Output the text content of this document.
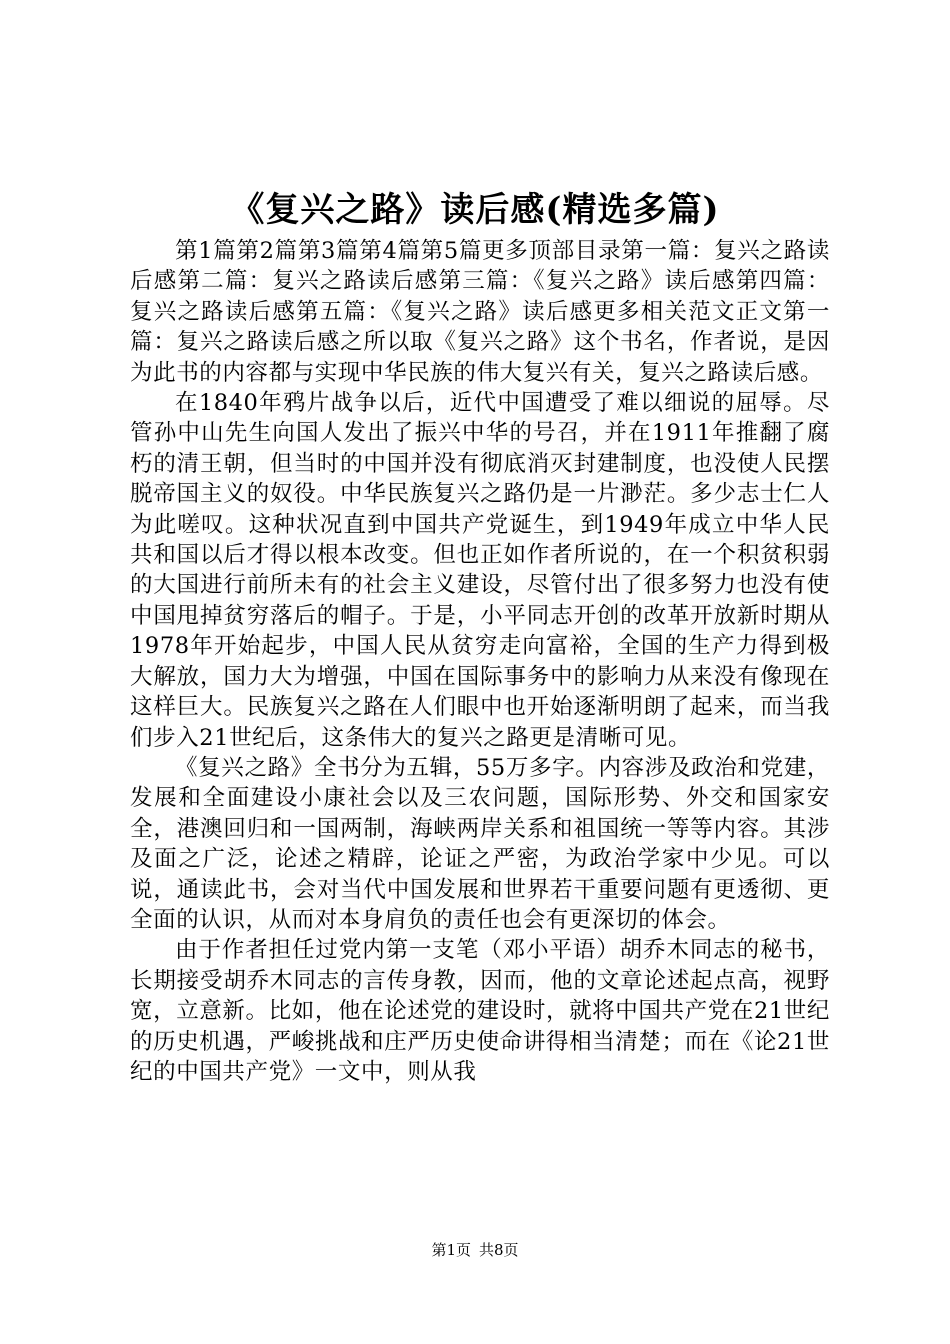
《复兴之路》读后感(精选多篇)

第1篇第2篇第3篇第4篇第5篇更多顶部目录第一篇：复兴之路读后感第二篇：复兴之路读后感第三篇：《复兴之路》读后感第四篇：复兴之路读后感第五篇：《复兴之路》读后感更多相关范文正文第一篇：复兴之路读后感之所以取《复兴之路》这个书名，作者说，是因为此书的内容都与实现中华民族的伟大复兴有关，复兴之路读后感。

在1840年鸦片战争以后，近代中国遭受了难以细说的屈辱。尽管孙中山先生向国人发出了振兴中华的号召，并在1911年推翻了腐朽的清王朝，但当时的中国并没有彻底消灭封建制度，也没使人民摆脱帝国主义的奴役。中华民族复兴之路仍是一片渺茫。多少志士仁人为此嗟叹。这种状况直到中国共产党诞生，到1949年成立中华人民共和国以后才得以根本改变。但也正如作者所说的，在一个积贫积弱的大国进行前所未有的社会主义建设，尽管付出了很多努力也没有使中国甩掉贫穷落后的帽子。于是，小平同志开创的改革开放新时期从1978年开始起步，中国人民从贫穷走向富裕，全国的生产力得到极大解放，国力大为增强，中国在国际事务中的影响力从来没有像现在这样巨大。民族复兴之路在人们眼中也开始逐渐明朗了起来，而当我们步入21世纪后，这条伟大的复兴之路更是清晰可见。

《复兴之路》全书分为五辑，55万多字。内容涉及政治和党建，发展和全面建设小康社会以及三农问题，国际形势、外交和国家安全，港澳回归和一国两制，海峡两岸关系和祖国统一等等内容。其涉及面之广泛，论述之精辟，论证之严密，为政治学家中少见。可以说，通读此书，会对当代中国发展和世界若干重要问题有更透彻、更全面的认识，从而对本身肩负的责任也会有更深切的体会。

由于作者担任过党内第一支笔（邓小平语）胡乔木同志的秘书，长期接受胡乔木同志的言传身教，因而，他的文章论述起点高，视野宽，立意新。比如，他在论述党的建设时，就将中国共产党在21世纪的历史机遇，严峻挑战和庄严历史使命讲得相当清楚；而在《论21世纪的中国共产党》一文中，则从我

第1页 共8页
